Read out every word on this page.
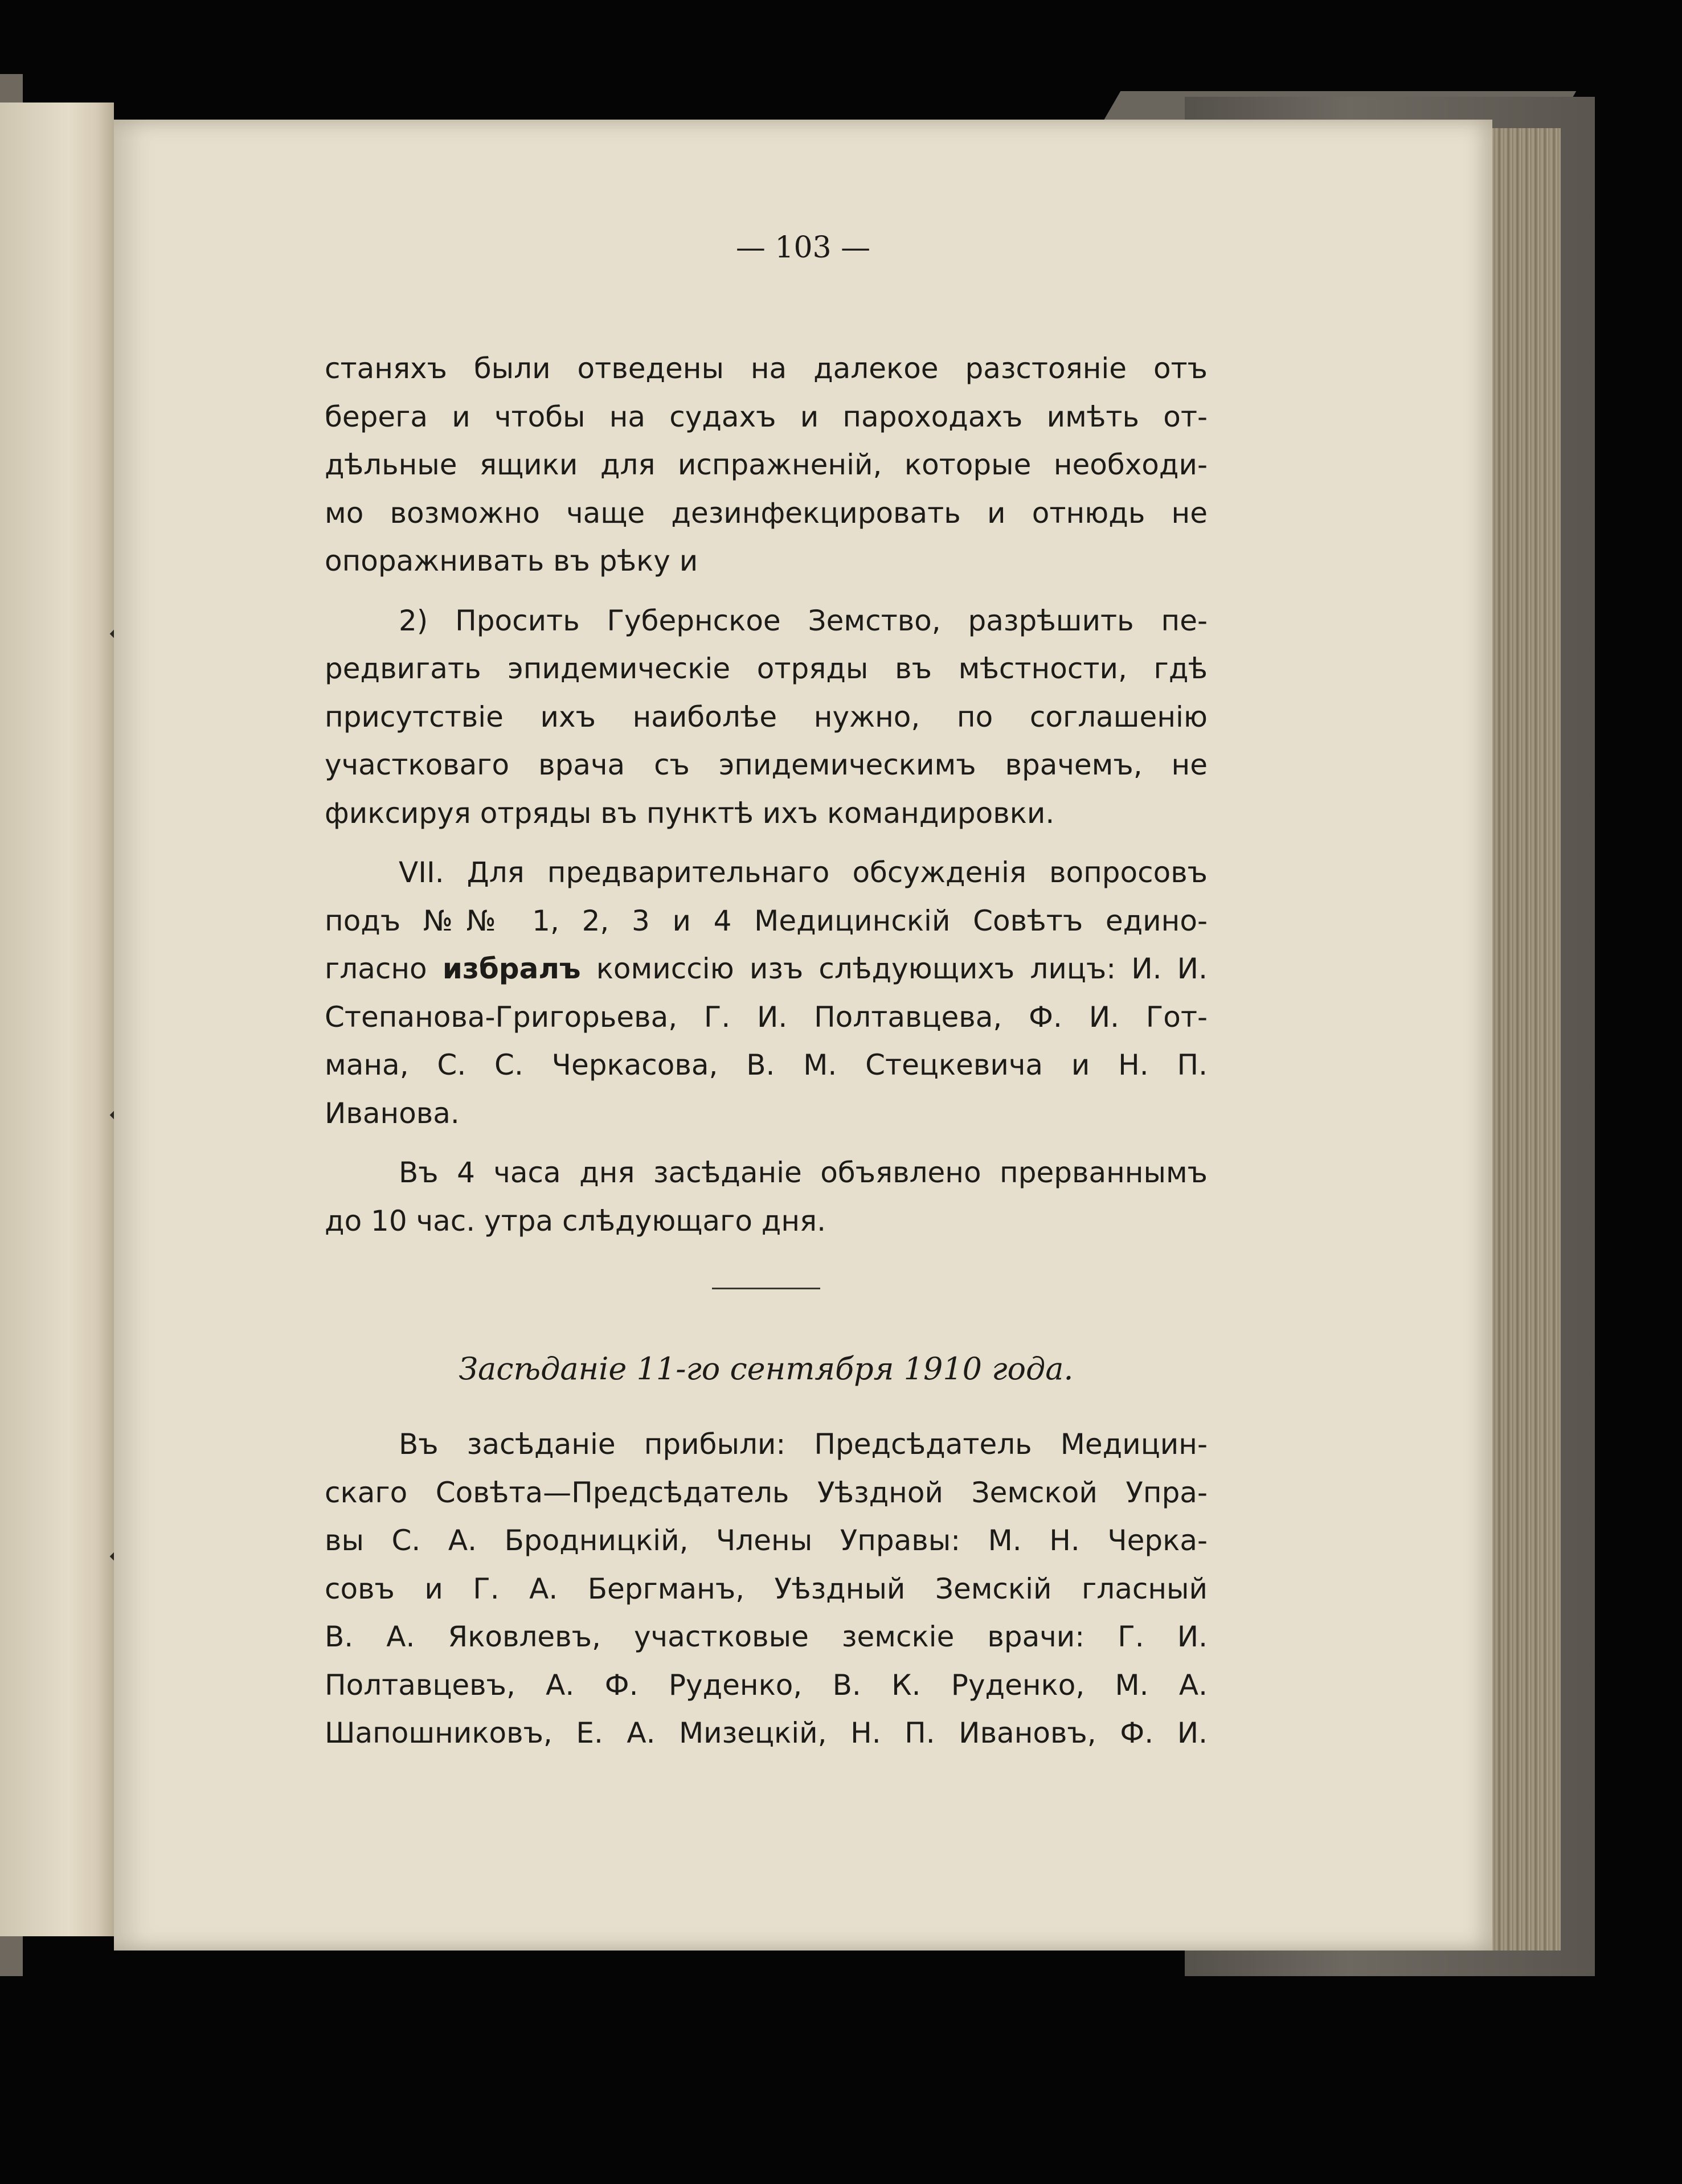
— 103 —
станяхъ были отведены на далекое разстоянiе отъ
берега и чтобы на судахъ и пароходахъ имѣть от-
дѣльные ящики для испражненiй, которые необходи-
мо возможно чаще дезинфекцировать и отнюдь не
опоражнивать въ рѣку и
2) Просить Губернское Земство, разрѣшить пе-
редвигать эпидемическiе отряды въ мѣстности, гдѣ
присутствiе ихъ наиболѣе нужно, по соглашенiю
участковаго врача съ эпидемическимъ врачемъ, не
фиксируя отряды въ пунктѣ ихъ командировки.
VII. Для предварительнаго обсужденiя вопросовъ
подъ №№ 1, 2, 3 и 4 Медицинскiй Совѣтъ едино-
гласно избралъ комиссiю изъ слѣдующихъ лицъ: И. И.
Степанова-Григорьева, Г. И. Полтавцева, Ф. И. Гот-
мана, С. С. Черкасова, В. М. Стецкевича и Н. П.
Иванова.
Въ 4 часа дня засѣданiе объявлено прерваннымъ
до 10 час. утра слѣдующаго дня.

Засѣданiе 11-го сентября 1910 года.

Въ засѣданiе прибыли: Предсѣдатель Медицин-
скаго Совѣта—Предсѣдатель Уѣздной Земской Упра-
вы С. А. Бродницкiй, Члены Управы: М. Н. Черка-
совъ и Г. А. Бергманъ, Уѣздный Земскiй гласный
В. А. Яковлевъ, участковые земскiе врачи: Г. И.
Полтавцевъ, А. Ф. Руденко, В. К. Руденко, М. А.
Шапошниковъ, Е. А. Мизецкiй, Н. П. Ивановъ, Ф. И.
